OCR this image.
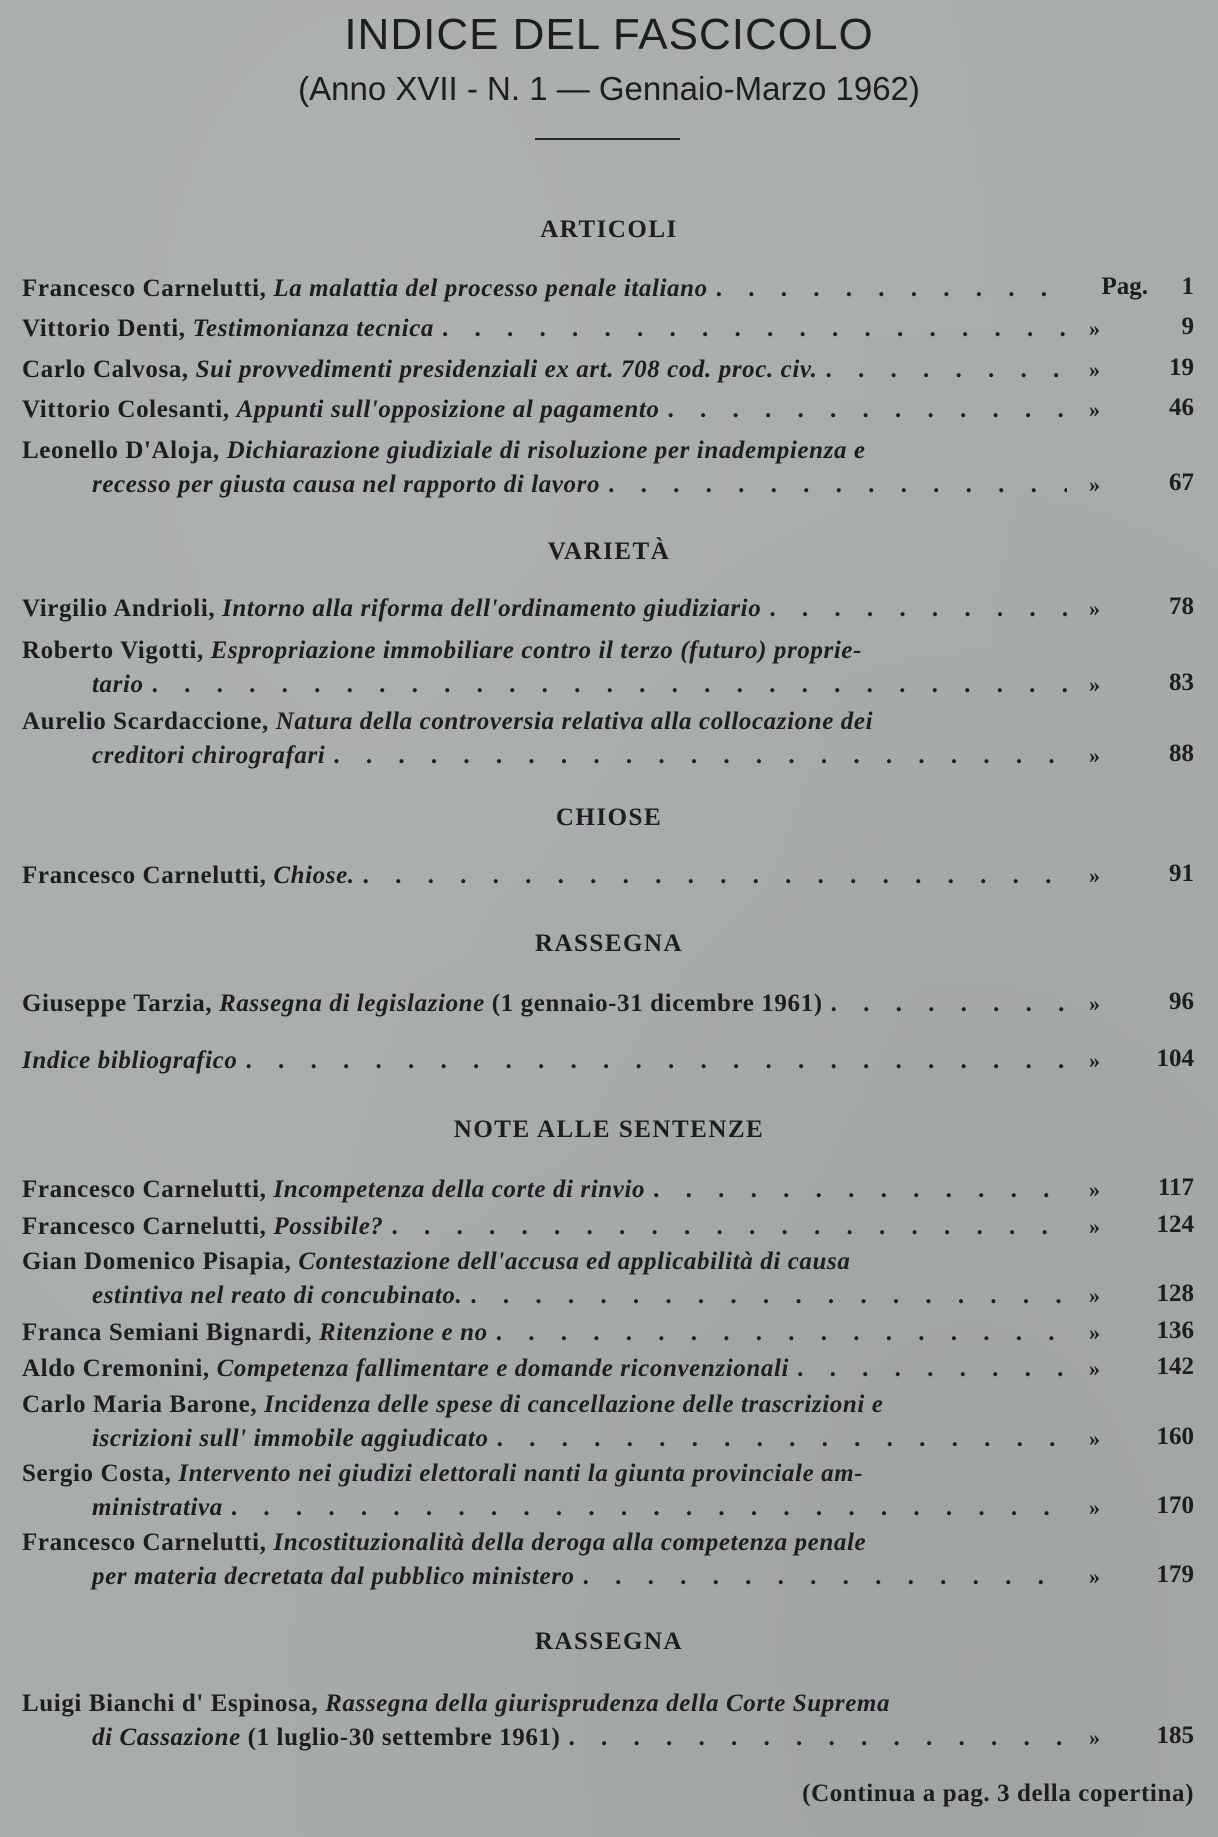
INDICE DEL FASCICOLO
(Anno XVII - N. 1 — Gennaio-Marzo 1962)
ARTICOLI
Francesco Carnelutti,
La malattia del processo penale italiano . . .	Pag. 1
Vittorio Denti,
Testimonianza tecnica . . .	»	9
Carlo Calvosa,
Sui provvedimenti presidenziali ex art. 708 cod. proc. civ. . . .	»	19
Vittorio Colesanti,
Appunti sull'opposizione al pagamento . . .	»	46
Leonello D'Aloja,
Dichiarazione giudiziale di risoluzione per inadempienza e
recesso per giusta causa nel rapporto di lavoro . . .	»	67
VARIETÀ
Virgilio Andrioli,
Intorno alla riforma dell'ordinamento giudiziario . . .	»	78
Roberto Vigotti,
Espropriazione immobiliare contro il terzo (futuro) proprie-
tario . . .	»	83
Aurelio Scardaccione,
Natura della controversia relativa alla collocazione dei
creditori chirografari . . .	»	88
CHIOSE
Francesco Carnelutti,
Chiose. . . .	»	91
RASSEGNA
Giuseppe Tarzia,
Rassegna di legislazione
(1 gennaio-31 dicembre 1961) . . .	»	96
Indice bibliografico . . .	» 104
NOTE ALLE SENTENZE
Francesco Carnelutti,
Incompetenza della corte di rinvio . . .	» 117
Francesco Carnelutti,
Possibile? . . .	» 124
Gian Domenico Pisapia,
Contestazione dell'accusa ed applicabilità di causa
estintiva nel reato di concubinato. . . .	» 128
Franca Semiani Bignardi,
Ritenzione e no . . .	» 136
Aldo Cremonini,
Competenza fallimentare e domande riconvenzionali . . .	» 142
Carlo Maria Barone,
Incidenza delle spese di cancellazione delle trascrizioni e
iscrizioni sull' immobile aggiudicato . . .	» 160
Sergio Costa,
Intervento nei giudizi elettorali nanti la giunta provinciale am-
ministrativa . . .	» 170
Francesco Carnelutti,
Incostituzionalità della deroga alla competenza penale
per materia decretata dal pubblico ministero . . .	» 179
RASSEGNA
Luigi Bianchi d' Espinosa,
Rassegna della giurisprudenza della Corte Suprema
di Cassazione
(1 luglio-30 settembre 1961) . . .	» 185
(Continua a pag. 3 della copertina)
